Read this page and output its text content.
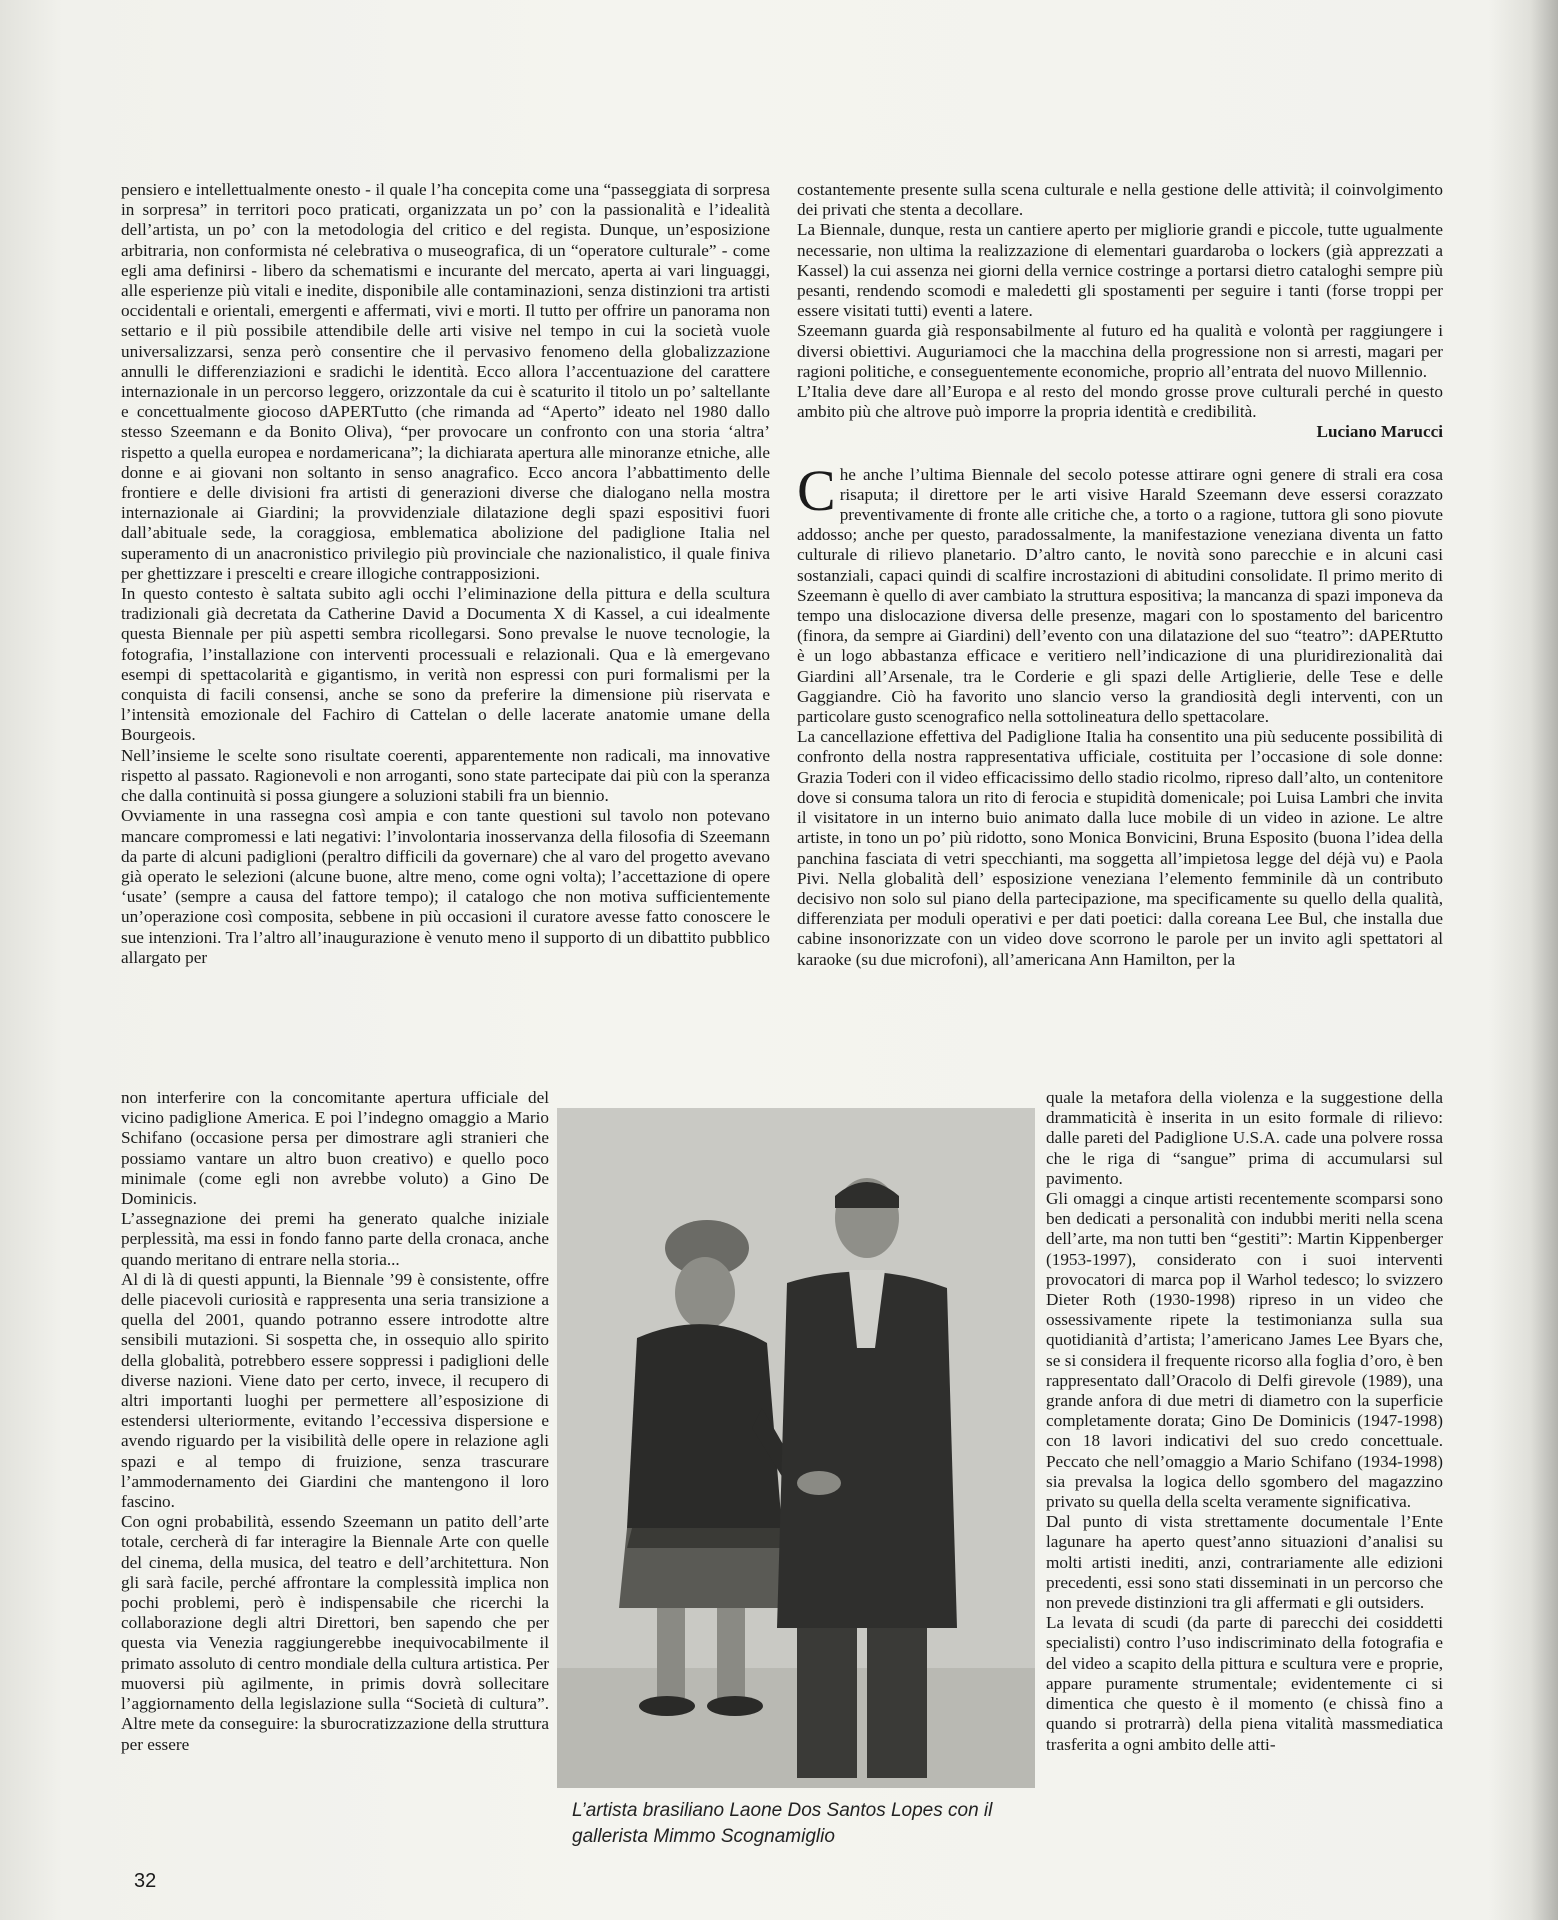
pensiero e intellettualmente onesto - il quale l’ha concepita come una “passeggiata di sorpresa in sorpresa” in territori poco praticati, organizzata un po’ con la passionalità e l’idealità dell’artista, un po’ con la metodologia del critico e del regista. Dunque, un’esposizione arbitraria, non conformista né celebrativa o museografica, di un “operatore culturale” - come egli ama definirsi - libero da schematismi e incurante del mercato, aperta ai vari linguaggi, alle esperienze più vitali e inedite, disponibile alle contaminazioni, senza distinzioni tra artisti occidentali e orientali, emergenti e affermati, vivi e morti. Il tutto per offrire un panorama non settario e il più possibile attendibile delle arti visive nel tempo in cui la società vuole universalizzarsi, senza però consentire che il pervasivo fenomeno della globalizzazione annulli le differenziazioni e sradichi le identità. Ecco allora l’accentuazione del carattere internazionale in un percorso leggero, orizzontale da cui è scaturito il titolo un po’ saltellante e concettualmente giocoso dAPERTutto (che rimanda ad “Aperto” ideato nel 1980 dallo stesso Szeemann e da Bonito Oliva), “per provocare un confronto con una storia ‘altra’ rispetto a quella europea e nordamericana”; la dichiarata apertura alle minoranze etniche, alle donne e ai giovani non soltanto in senso anagrafico. Ecco ancora l’abbattimento delle frontiere e delle divisioni fra artisti di generazioni diverse che dialogano nella mostra internazionale ai Giardini; la provvidenziale dilatazione degli spazi espositivi fuori dall’abituale sede, la coraggiosa, emblematica abolizione del padiglione Italia nel superamento di un anacronistico privilegio più provinciale che nazionalistico, il quale finiva per ghettizzare i prescelti e creare illogiche contrapposizioni.

In questo contesto è saltata subito agli occhi l’eliminazione della pittura e della scultura tradizionali già decretata da Catherine David a Documenta X di Kassel, a cui idealmente questa Biennale per più aspetti sembra ricollegarsi. Sono prevalse le nuove tecnologie, la fotografia, l’installazione con interventi processuali e relazionali. Qua e là emergevano esempi di spettacolarità e gigantismo, in verità non espressi con puri formalismi per la conquista di facili consensi, anche se sono da preferire la dimensione più riservata e l’intensità emozionale del Fachiro di Cattelan o delle lacerate anatomie umane della Bourgeois.

Nell’insieme le scelte sono risultate coerenti, apparentemente non radicali, ma innovative rispetto al passato. Ragionevoli e non arroganti, sono state partecipate dai più con la speranza che dalla continuità si possa giungere a soluzioni stabili fra un biennio.

Ovviamente in una rassegna così ampia e con tante questioni sul tavolo non potevano mancare compromessi e lati negativi: l’involontaria inosservanza della filosofia di Szeemann da parte di alcuni padiglioni (peraltro difficili da governare) che al varo del progetto avevano già operato le selezioni (alcune buone, altre meno, come ogni volta); l’accettazione di opere ‘usate’ (sempre a causa del fattore tempo); il catalogo che non motiva sufficientemente un’operazione così composita, sebbene in più occasioni il curatore avesse fatto conoscere le sue intenzioni. Tra l’altro all’inaugurazione è venuto meno il supporto di un dibattito pubblico allargato per

non interferire con la concomitante apertura ufficiale del vicino padiglione America. E poi l’indegno omaggio a Mario Schifano (occasione persa per dimostrare agli stranieri che possiamo vantare un altro buon creativo) e quello poco minimale (come egli non avrebbe voluto) a Gino De Dominicis.

L’assegnazione dei premi ha generato qualche iniziale perplessità, ma essi in fondo fanno parte della cronaca, anche quando meritano di entrare nella storia...

Al di là di questi appunti, la Biennale ’99 è consistente, offre delle piacevoli curiosità e rappresenta una seria transizione a quella del 2001, quando potranno essere introdotte altre sensibili mutazioni. Si sospetta che, in ossequio allo spirito della globalità, potrebbero essere soppressi i padiglioni delle diverse nazioni. Viene dato per certo, invece, il recupero di altri importanti luoghi per permettere all’esposizione di estendersi ulteriormente, evitando l’eccessiva dispersione e avendo riguardo per la visibilità delle opere in relazione agli spazi e al tempo di fruizione, senza trascurare l’ammodernamento dei Giardini che mantengono il loro fascino.

Con ogni probabilità, essendo Szeemann un patito dell’arte totale, cercherà di far interagire la Biennale Arte con quelle del cinema, della musica, del teatro e dell’architettura. Non gli sarà facile, perché affrontare la complessità implica non pochi problemi, però è indispensabile che ricerchi la collaborazione degli altri Direttori, ben sapendo che per questa via Venezia raggiungerebbe inequivocabilmente il primato assoluto di centro mondiale della cultura artistica. Per muoversi più agilmente, in primis dovrà sollecitare l’aggiornamento della legislazione sulla “Società di cultura”. Altre mete da conseguire: la sburocratizzazione della struttura per essere

costantemente presente sulla scena culturale e nella gestione delle attività; il coinvolgimento dei privati che stenta a decollare.

La Biennale, dunque, resta un cantiere aperto per migliorie grandi e piccole, tutte ugualmente necessarie, non ultima la realizzazione di elementari guardaroba o lockers (già apprezzati a Kassel) la cui assenza nei giorni della vernice costringe a portarsi dietro cataloghi sempre più pesanti, rendendo scomodi e maledetti gli spostamenti per seguire i tanti (forse troppi per essere visitati tutti) eventi a latere.

Szeemann guarda già responsabilmente al futuro ed ha qualità e volontà per raggiungere i diversi obiettivi. Auguriamoci che la macchina della progressione non si arresti, magari per ragioni politiche, e conseguentemente economiche, proprio all’entrata del nuovo Millennio.

L’Italia deve dare all’Europa e al resto del mondo grosse prove culturali perché in questo ambito più che altrove può imporre la propria identità e credibilità.

Luciano Marucci

Che anche l’ultima Biennale del secolo potesse attirare ogni genere di strali era cosa risaputa; il direttore per le arti visive Harald Szeemann deve essersi corazzato preventivamente di fronte alle critiche che, a torto o a ragione, tuttora gli sono piovute addosso; anche per questo, paradossalmente, la manifestazione veneziana diventa un fatto culturale di rilievo planetario. D’altro canto, le novità sono parecchie e in alcuni casi sostanziali, capaci quindi di scalfire incrostazioni di abitudini consolidate. Il primo merito di Szeemann è quello di aver cambiato la struttura espositiva; la mancanza di spazi imponeva da tempo una dislocazione diversa delle presenze, magari con lo spostamento del baricentro (finora, da sempre ai Giardini) dell’evento con una dilatazione del suo “teatro”: dAPERtutto è un logo abbastanza efficace e veritiero nell’indicazione di una pluridirezionalità dai Giardini all’Arsenale, tra le Corderie e gli spazi delle Artiglierie, delle Tese e delle Gaggiandre. Ciò ha favorito uno slancio verso la grandiosità degli interventi, con un particolare gusto scenografico nella sottolineatura dello spettacolare.

La cancellazione effettiva del Padiglione Italia ha consentito una più seducente possibilità di confronto della nostra rappresentativa ufficiale, costituita per l’occasione di sole donne: Grazia Toderi con il video efficacissimo dello stadio ricolmo, ripreso dall’alto, un contenitore dove si consuma talora un rito di ferocia e stupidità domenicale; poi Luisa Lambri che invita il visitatore in un interno buio animato dalla luce mobile di un video in azione. Le altre artiste, in tono un po’ più ridotto, sono Monica Bonvicini, Bruna Esposito (buona l’idea della panchina fasciata di vetri specchianti, ma soggetta all’impietosa legge del déjà vu) e Paola Pivi. Nella globalità dell’ esposizione veneziana l’elemento femminile dà un contributo decisivo non solo sul piano della partecipazione, ma specificamente su quello della qualità, differenziata per moduli operativi e per dati poetici: dalla coreana Lee Bul, che installa due cabine insonorizzate con un video dove scorrono le parole per un invito agli spettatori al karaoke (su due microfoni), all’americana Ann Hamilton, per la

quale la metafora della violenza e la suggestione della drammaticità è inserita in un esito formale di rilievo: dalle pareti del Padiglione U.S.A. cade una polvere rossa che le riga di “sangue” prima di accumularsi sul pavimento.

Gli omaggi a cinque artisti recentemente scomparsi sono ben dedicati a personalità con indubbi meriti nella scena dell’arte, ma non tutti ben “gestiti”: Martin Kippenberger (1953-1997), considerato con i suoi interventi provocatori di marca pop il Warhol tedesco; lo svizzero Dieter Roth (1930-1998) ripreso in un video che ossessivamente ripete la testimonianza sulla sua quotidianità d’artista; l’americano James Lee Byars che, se si considera il frequente ricorso alla foglia d’oro, è ben rappresentato dall’Oracolo di Delfi girevole (1989), una grande anfora di due metri di diametro con la superficie completamente dorata; Gino De Dominicis (1947-1998) con 18 lavori indicativi del suo credo concettuale. Peccato che nell’omaggio a Mario Schifano (1934-1998) sia prevalsa la logica dello sgombero del magazzino privato su quella della scelta veramente significativa.

Dal punto di vista strettamente documentale l’Ente lagunare ha aperto quest’anno situazioni d’analisi su molti artisti inediti, anzi, contrariamente alle edizioni precedenti, essi sono stati disseminati in un percorso che non prevede distinzioni tra gli affermati e gli outsiders.

La levata di scudi (da parte di parecchi dei cosiddetti specialisti) contro l’uso indiscriminato della fotografia e del video a scapito della pittura e scultura vere e proprie, appare puramente strumentale; evidentemente ci si dimentica che questo è il momento (e chissà fino a quando si protrarrà) della piena vitalità massmediatica trasferita a ogni ambito delle atti-

L’artista brasiliano Laone Dos Santos Lopes con il gallerista Mimmo Scognamiglio
32
